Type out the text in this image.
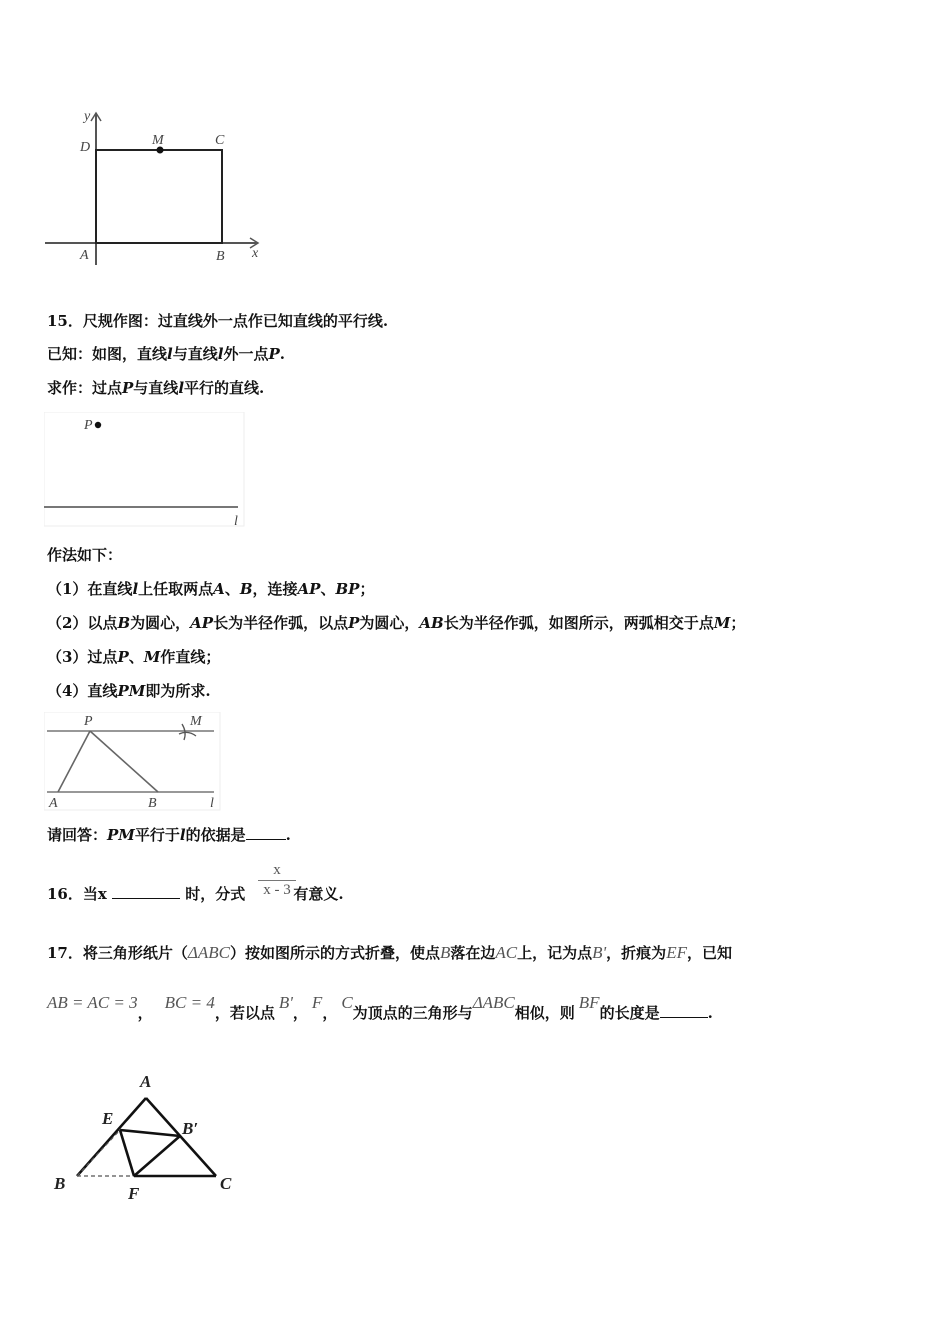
y
x
D	M	C
A	B
15．尺规作图：过直线外一点作已知直线的平行线.
已知：如图，直线l与直线l外一点P.
求作：过点P与直线l平行的直线.
P
l
作法如下：
（1）在直线l上任取两点A、B，连接AP、BP；
（2）以点B为圆心，AP长为半径作弧，以点P为圆心，AB长为半径作弧，如图所示，两弧相交于点M；
（3）过点P、M作直线；
（4）直线PM即为所求.
P	M
A	B	l
请回答：PM平行于l的依据是	.
16．当x	时，分式	有意义.
x
x - 3
17．将三角形纸片（ΔABC）按如图所示的方式折叠，使点B落在边AC上，记为点B'，折痕为EF，已知
AB = AC = 3，BC = 4，若以点B'，F，C为顶点的三角形与ΔABC相似，则BF的长度是	.
A
E
B′
B
F
C
